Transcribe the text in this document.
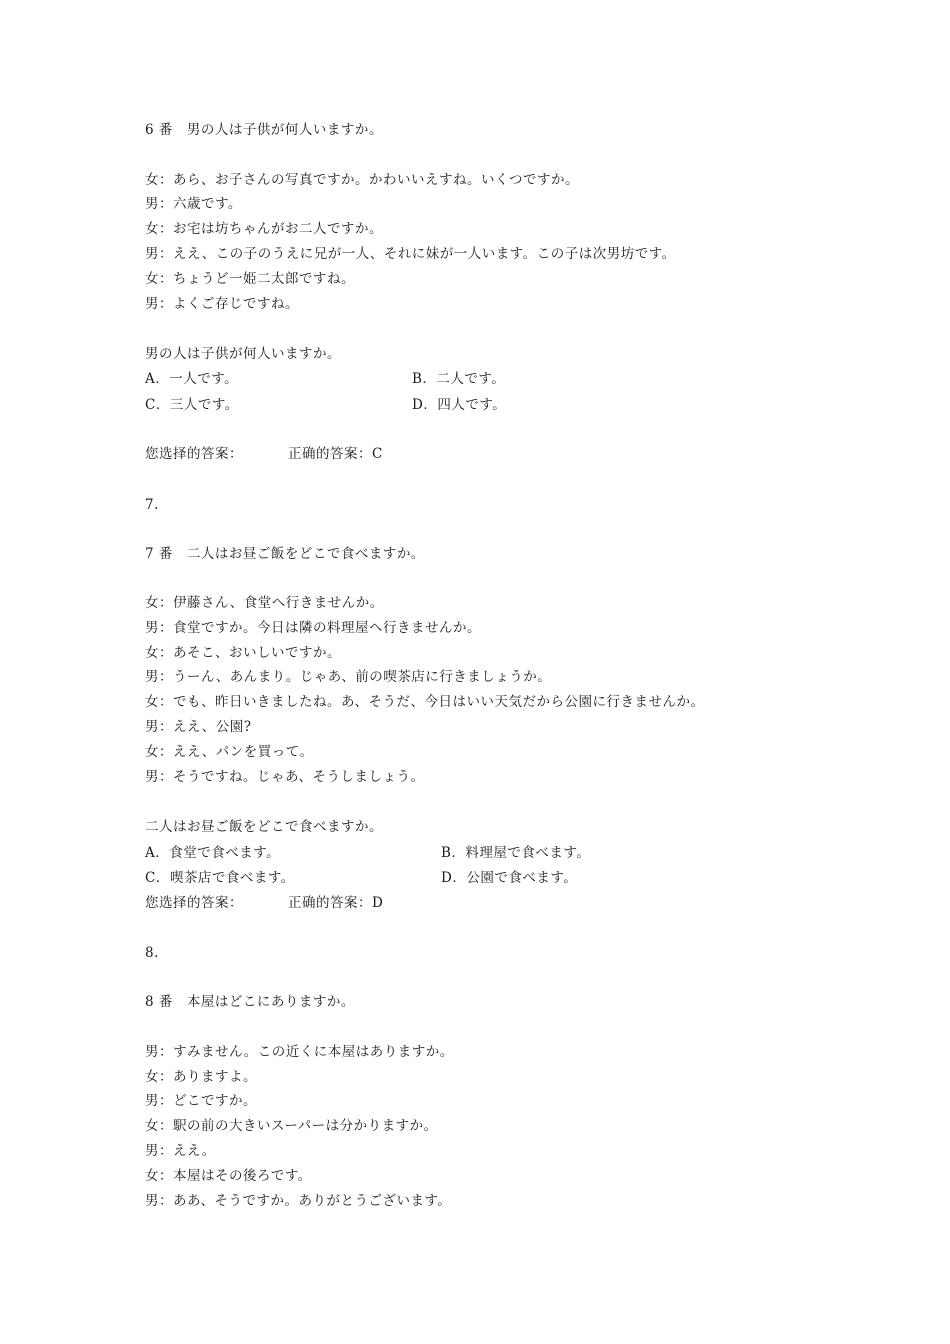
6 番　男の人は子供が何人いますか。
女：あら、お子さんの写真ですか。かわいいえすね。いくつですか。
男：六歳です。
女：お宅は坊ちゃんがお二人ですか。
男：ええ、この子のうえに兄が一人、それに妹が一人います。この子は次男坊です。
女：ちょうど一姫二太郎ですね。
男：よくご存じですね。
男の人は子供が何人いますか。
A．一人です。	B．二人です。
C．三人です。	D．四人です。
您选择的答案：	正确的答案：C
7.
7 番　二人はお昼ご飯をどこで食べますか。
女：伊藤さん、食堂へ行きませんか。
男：食堂ですか。今日は隣の料理屋へ行きませんか。
女：あそこ、おいしいですか。
男：うーん、あんまり。じゃあ、前の喫茶店に行きましょうか。
女：でも、昨日いきましたね。あ、そうだ、今日はいい天気だから公園に行きませんか。
男：ええ、公園?
女：ええ、パンを買って。
男：そうですね。じゃあ、そうしましょう。
二人はお昼ご飯をどこで食べますか。
A．食堂で食べます。	B．料理屋で食べます。
C．喫茶店で食べます。	D．公園で食べます。
您选择的答案：	正确的答案：D
8.
8 番　本屋はどこにありますか。
男：すみません。この近くに本屋はありますか。
女：ありますよ。
男：どこですか。
女：駅の前の大きいスーパーは分かりますか。
男：ええ。
女：本屋はその後ろです。
男：ああ、そうですか。ありがとうございます。
